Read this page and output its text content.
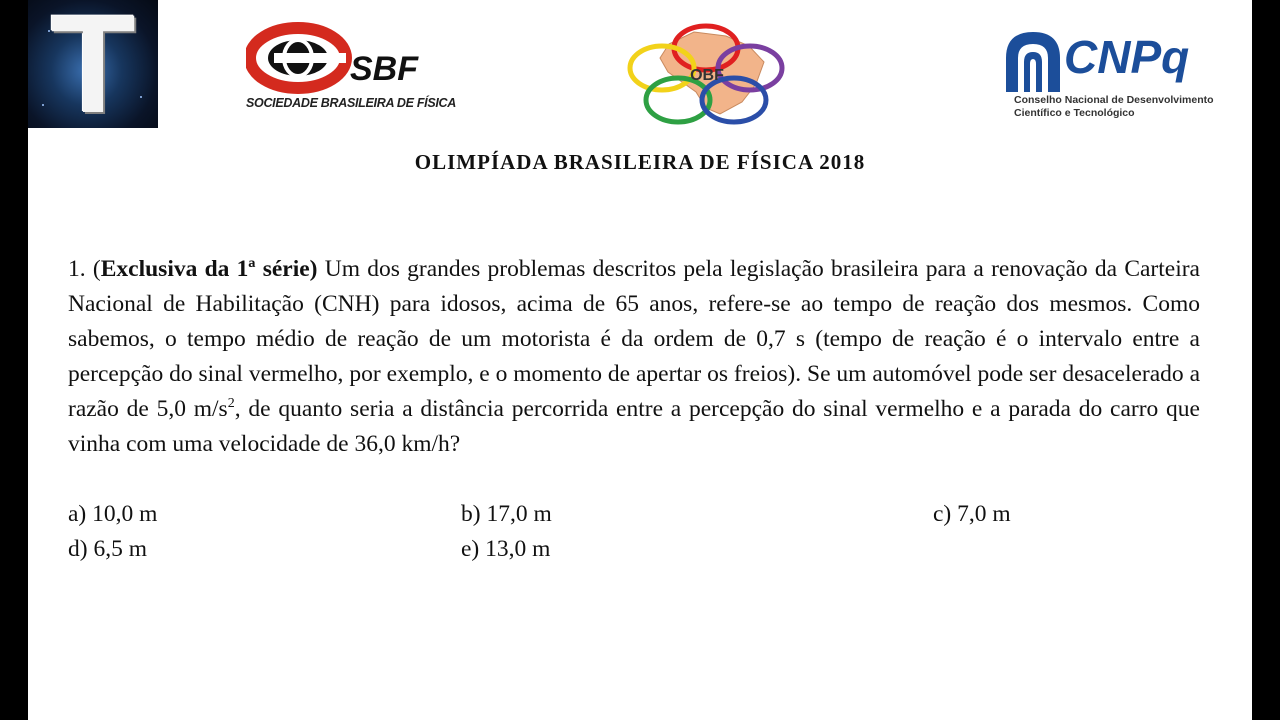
T	SBF
SOCIEDADE BRASILEIRA DE FÍSICA
OBF	CNPq
Conselho Nacional de Desenvolvimento
Científico e Tecnológico
OLIMPÍADA BRASILEIRA DE FÍSICA 2018
1. (Exclusiva da 1ª série) Um dos grandes problemas descritos pela legislação brasileira para a renovação da Carteira Nacional de Habilitação (CNH) para idosos, acima de 65 anos, refere-se ao tempo de reação dos mesmos. Como sabemos, o tempo médio de reação de um motorista é da ordem de 0,7 s (tempo de reação é o intervalo entre a percepção do sinal vermelho, por exemplo, e o momento de apertar os freios). Se um automóvel pode ser desacelerado a razão de 5,0 $m/s^2$, de quanto seria a distância percorrida entre a percepção do sinal vermelho e a parada do carro que vinha com uma velocidade de 36,0 km/h?
a) 10,0 m	b) 17,0 m	c) 7,0 m
d) 6,5 m	e) 13,0 m
